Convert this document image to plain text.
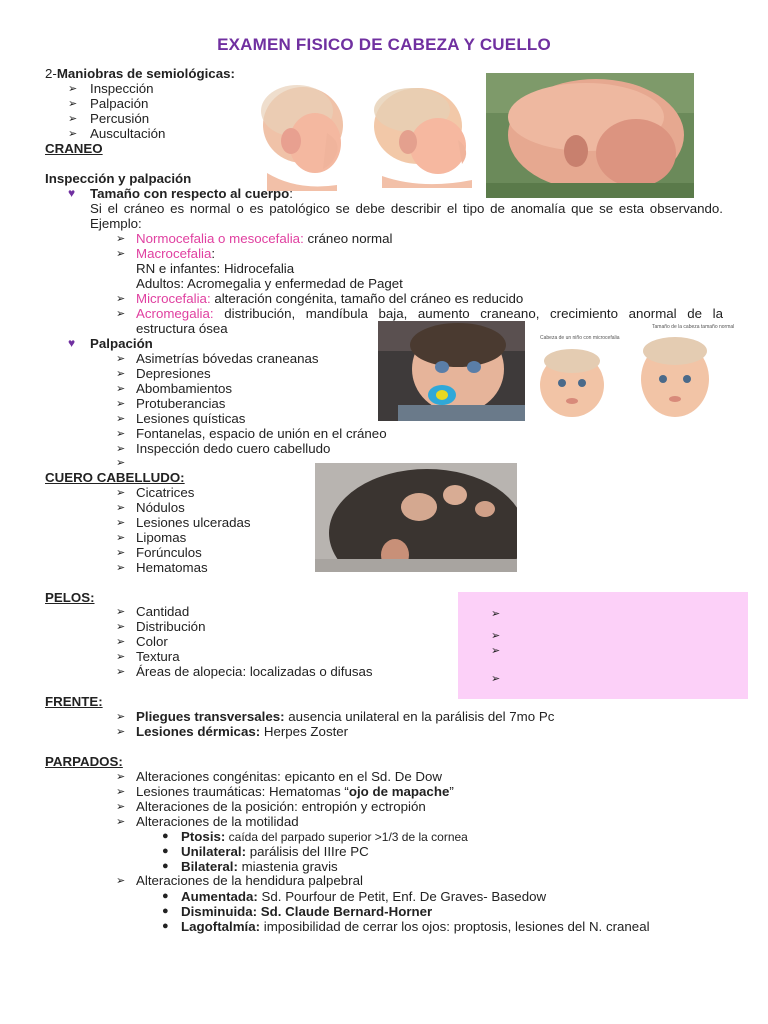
EXAMEN FISICO DE CABEZA Y CUELLO
2-Maniobras de semiológicas:
➢ Inspección
➢ Palpación
➢ Percusión
➢ Auscultación
CRANEO
Inspección y palpación
♥ Tamaño con respecto al cuerpo:
Si el cráneo es normal o es patológico se debe describir el tipo de anomalía que se esta observando. Ejemplo:
➢ Normocefalia o mesocefalia: cráneo normal
➢ Macrocefalia:
RN e infantes: Hidrocefalia
Adultos: Acromegalia y enfermedad de Paget
➢ Microcefalia: alteración congénita, tamaño del cráneo es reducido
➢ Acromegalia: distribución, mandíbula baja, aumento craneano, crecimiento anormal de la estructura ósea
♥ Palpación
➢ Asimetrías bóvedas craneanas
➢ Depresiones
➢ Abombamientos
➢ Protuberancias
➢ Lesiones quísticas
➢ Fontanelas, espacio de unión en el cráneo
➢ Inspección dedo cuero cabelludo
➢
Cabeza de un niño con microcefalia
Tamaño de la cabeza tamaño normal
CUERO CABELLUDO:
➢ Cicatrices
➢ Nódulos
➢ Lesiones ulceradas
➢ Lipomas
➢ Forúnculos
➢ Hematomas
PELOS:
➢ Cantidad
➢ Distribución
➢ Color
➢ Textura
➢ Áreas de alopecia: localizadas o difusas
➢
➢
➢
➢
FRENTE:
➢ Pliegues transversales: ausencia unilateral en la parálisis del 7mo Pc
➢ Lesiones dérmicas: Herpes Zoster
PARPADOS:
➢ Alteraciones congénitas: epicanto en el Sd. De Dow
➢ Lesiones traumáticas: Hematomas “ojo de mapache”
➢ Alteraciones de la posición: entropión y ectropión
➢ Alteraciones de la motilidad
● Ptosis: caída del parpado superior >1/3 de la cornea
● Unilateral: parálisis del IIIre PC
● Bilateral: miastenia gravis
➢ Alteraciones de la hendidura palpebral
● Aumentada: Sd. Pourfour de Petit, Enf. De Graves- Basedow
● Disminuida: Sd. Claude Bernard-Horner
● Lagoftalmía: imposibilidad de cerrar los ojos: proptosis, lesiones del N. craneal
